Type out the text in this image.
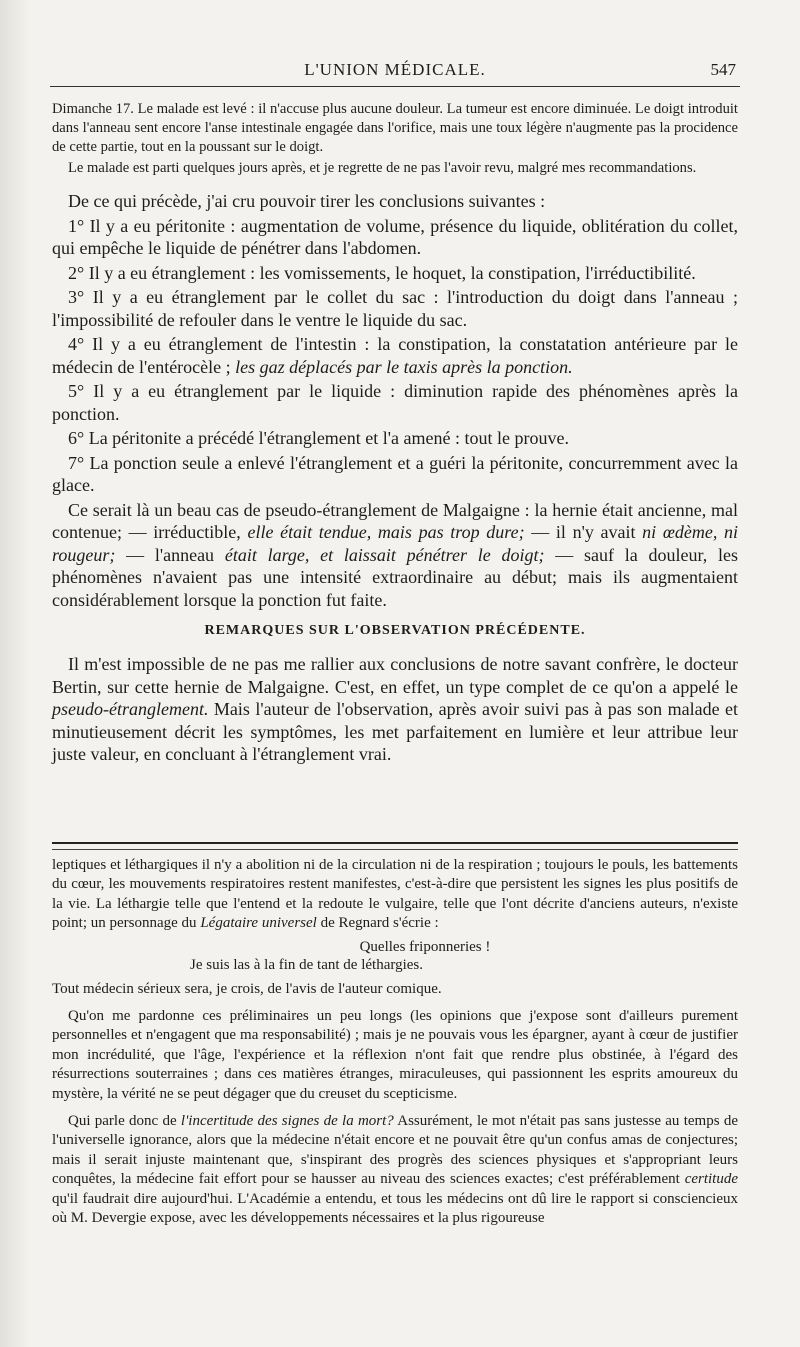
L'UNION MÉDICALE.	547

Dimanche 17. Le malade est levé : il n'accuse plus aucune douleur. La tumeur est encore diminuée. Le doigt introduit dans l'anneau sent encore l'anse intestinale engagée dans l'orifice, mais une toux légère n'augmente pas la procidence de cette partie, tout en la poussant sur le doigt.

Le malade est parti quelques jours après, et je regrette de ne pas l'avoir revu, malgré mes recommandations.

De ce qui précède, j'ai cru pouvoir tirer les conclusions suivantes :

1° Il y a eu péritonite : augmentation de volume, présence du liquide, oblitération du collet, qui empêche le liquide de pénétrer dans l'abdomen.

2° Il y a eu étranglement : les vomissements, le hoquet, la constipation, l'irréductibilité.

3° Il y a eu étranglement par le collet du sac : l'introduction du doigt dans l'anneau ; l'impossibilité de refouler dans le ventre le liquide du sac.

4° Il y a eu étranglement de l'intestin : la constipation, la constatation antérieure par le médecin de l'entérocèle ; les gaz déplacés par le taxis après la ponction.

5° Il y a eu étranglement par le liquide : diminution rapide des phénomènes après la ponction.

6° La péritonite a précédé l'étranglement et l'a amené : tout le prouve.

7° La ponction seule a enlevé l'étranglement et a guéri la péritonite, concurremment avec la glace.

Ce serait là un beau cas de pseudo-étranglement de Malgaigne : la hernie était ancienne, mal contenue; — irréductible, elle était tendue, mais pas trop dure; — il n'y avait ni œdème, ni rougeur; — l'anneau était large, et laissait pénétrer le doigt; — sauf la douleur, les phénomènes n'avaient pas une intensité extraordinaire au début; mais ils augmentaient considérablement lorsque la ponction fut faite.

REMARQUES SUR L'OBSERVATION PRÉCÉDENTE.

Il m'est impossible de ne pas me rallier aux conclusions de notre savant confrère, le docteur Bertin, sur cette hernie de Malgaigne. C'est, en effet, un type complet de ce qu'on a appelé le pseudo-étranglement. Mais l'auteur de l'observation, après avoir suivi pas à pas son malade et minutieusement décrit les symptômes, les met parfaitement en lumière et leur attribue leur juste valeur, en concluant à l'étranglement vrai.

leptiques et léthargiques il n'y a abolition ni de la circulation ni de la respiration ; toujours le pouls, les battements du cœur, les mouvements respiratoires restent manifestes, c'est-à-dire que persistent les signes les plus positifs de la vie. La léthargie telle que l'entend et la redoute le vulgaire, telle que l'ont décrite d'anciens auteurs, n'existe point; un personnage du Légataire universel de Regnard s'écrie :

Quelles friponneries !
Je suis las à la fin de tant de léthargies.

Tout médecin sérieux sera, je crois, de l'avis de l'auteur comique.

Qu'on me pardonne ces préliminaires un peu longs (les opinions que j'expose sont d'ailleurs purement personnelles et n'engagent que ma responsabilité) ; mais je ne pouvais vous les épargner, ayant à cœur de justifier mon incrédulité, que l'âge, l'expérience et la réflexion n'ont fait que rendre plus obstinée, à l'égard des résurrections souterraines ; dans ces matières étranges, miraculeuses, qui passionnent les esprits amoureux du mystère, la vérité ne se peut dégager que du creuset du scepticisme.

Qui parle donc de l'incertitude des signes de la mort? Assurément, le mot n'était pas sans justesse au temps de l'universelle ignorance, alors que la médecine n'était encore et ne pouvait être qu'un confus amas de conjectures; mais il serait injuste maintenant que, s'inspirant des progrès des sciences physiques et s'appropriant leurs conquêtes, la médecine fait effort pour se hausser au niveau des sciences exactes; c'est préférablement certitude qu'il faudrait dire aujourd'hui. L'Académie a entendu, et tous les médecins ont dû lire le rapport si consciencieux où M. Devergie expose, avec les développements nécessaires et la plus rigoureuse
